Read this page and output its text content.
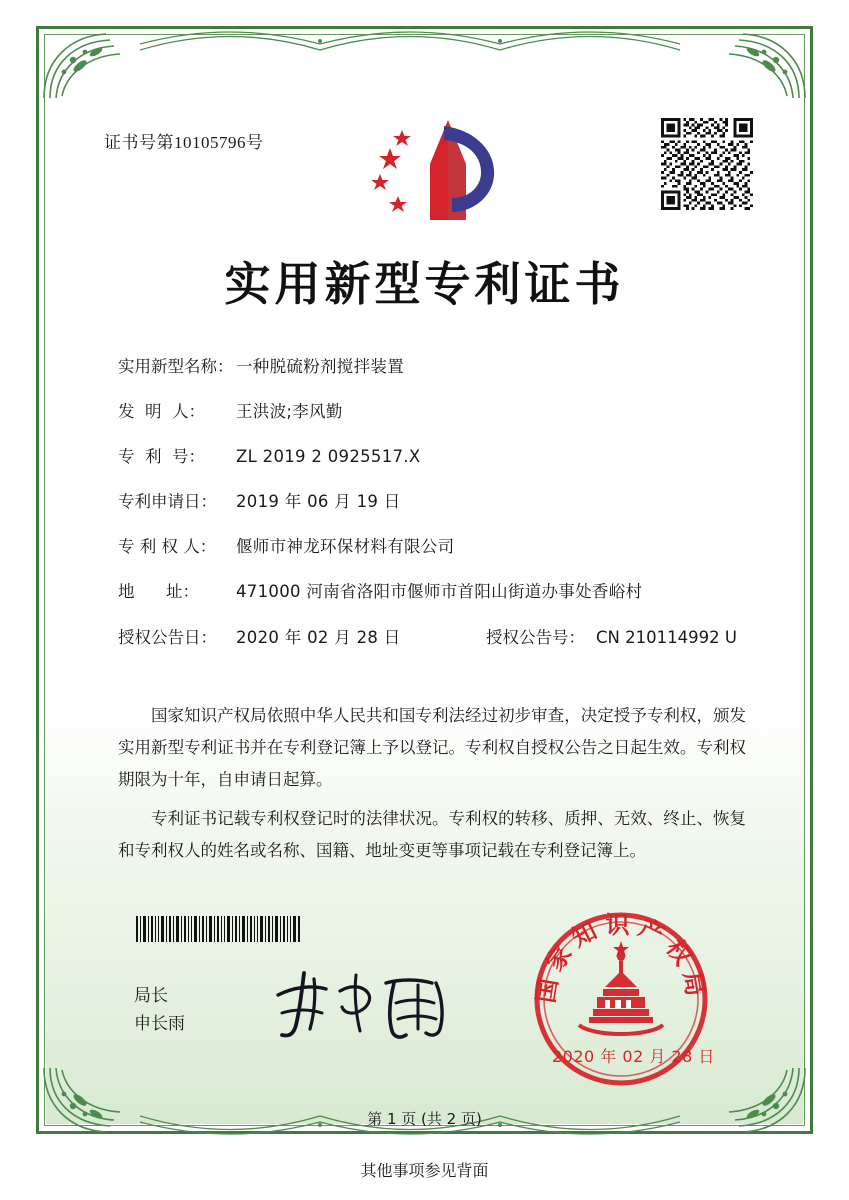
证书号第10105796号
实用新型专利证书
实用新型名称： 一种脱硫粉剂搅拌装置
发  明  人：	王洪波;李风勤
专  利  号：	ZL 2019 2 0925517.X
专利申请日：	2019 年 06 月 19 日
专 利 权 人：	偃师市神龙环保材料有限公司
地      址：	471000 河南省洛阳市偃师市首阳山街道办事处香峪村
授权公告日：	2020 年 02 月 28 日	授权公告号： CN 210114992 U

国家知识产权局依照中华人民共和国专利法经过初步审查，决定授予专利权，颁发实用新型专利证书并在专利登记簿上予以登记。专利权自授权公告之日起生效。专利权期限为十年，自申请日起算。

专利证书记载专利权登记时的法律状况。专利权的转移、质押、无效、终止、恢复和专利权人的姓名或名称、国籍、地址变更等事项记载在专利登记簿上。

局长
申长雨
国家知识产权局
2020 年 02 月 28 日
第 1 页 (共 2 页)
其他事项参见背面
